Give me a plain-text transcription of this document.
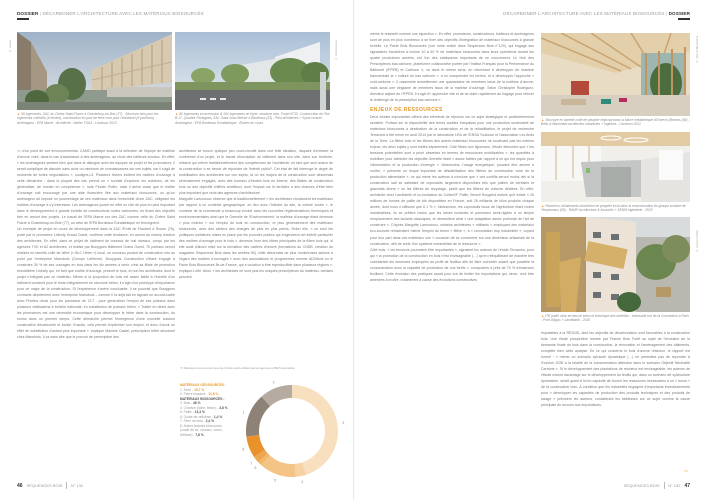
DOSSIER | DÉCARBONER L'ARCHITECTURE AVEC LES MATÉRIAUX BIOSOURCÉS
© Inoxia
▲ 56 logements, ZAC du Chêne Saint-Fiacre à Chanteloup-en-Brie (77) - Structure bois pour les logements collectifs (6 étoiles), construction en pisé de terre crue pour l'individuel (6 pavillons) - Aménageur : EPA Marne - Architecte : Atelier TOA3 - Livraison 2023
© Felixscenes
▲ 80 logements en accession & 161 logements en foyer, structure bois. Projet N°30, Construction de l'îlot B.17, Quartier Pertagnes, ZAC Saint-Jean Belcier à Bordeaux (33) - Pieu architectes + Sylva conseil - Aménageur : EPA Bordeaux Euratlantique - Études en cours

>> d'un point de vue environnemental. CAMO participe aussi à la sélection de l'équipe de maîtrise d'œuvre voire, dans le cas d'assistance à des aménageurs, au choix des bailleurs sociaux. En effet, « les aménageurs sentent bien que dans le dialogue avec les équipes de projet et les promoteurs, il serait compliqué de discuter sans avoir un minimum de connaissances sur ces sujets, car il s'agit de moments de fortes négociations », souligne-t-il. Plusieurs leviers incitent les maîtres d'ouvrage à cette démarche : dans la plupart des cas prévoit un « souhait d'explorer les solutions, de les généraliser, de monter en compétence », note Florian Rollin, mais il arrive aussi que le maître d'ouvrage soit encouragé par une aide financière liée aux matériaux biosourcés, ou qu'un aménageur ait imposé un pourcentage de ces matériaux dans l'ensemble d'une ZAC, obligeant les maîtres d'ouvrage à s'y intéresser. Les aménageurs jouent en effet un rôle de plus en plus important dans le développement à grande échelle de constructions moins carbonées, en fixant des objectifs très en amont des projets. Le travail de l'EPA Marne sur des ZAC comme celle du Chêne Saint Fiacre à Chanteloup-en-Brie (77), ou celui de l'EPA Bordeaux Euratlantique en témoignent.

Un exemple de projet en cours de développement dans la ZAC l'Eveil de Flaubert à Rouen (76), porté par le promoteur Linkcity Grand Ouest, confirme cette tendance, en amont du champ d'action des architectes. En effet, dans ce projet de bâtiment de bureaux de huit niveaux, conçu par les agences TVK et A2 architectes, et réalisé par Bouygues Bâtiment Grand Ouest, 70 poteaux seront réalisés en lamellé-collé de hêtre (« BLC Hêtre ») local, un nouveau produit de construction mis au point par l'entreprise Manubois (Groupe Lefebvre). Bouygues Construction s'étant engagé à construire 30 % de ses ouvrages en bois dans les dix années à venir, c'est sa filiale de promotion immobilière Linkcity qui, en tant que maître d'ouvrage, prescrit le bois, et non les architectes, dont le projet n'intégrait pas ce matériau. Même si la proportion de bois est assez faible à l'échelle d'un bâtiment construit pour le reste intégralement en structure béton, il s'agit d'un prototype d'importance pour ce major de la construction. Si l'expérience s'avère concluante, il se pourrait que Bouygues contracte directement avec l'entreprise Manubois – comme il l'a déjà fait en signant un accord-cadre avec Pivetea ubois pour les panneaux de CLT - pour généraliser l'emploi de ces poteaux dans plusieurs réalisations à échelle nationale, en substitution de poteaux béton. « Traiter en direct avec les promoteurs est une nécessité économique pour développer le hêtre dans la construction, du moins dans un premier temps. Cette démarche permet l'émergence d'une nouvelle solution constructive décarbonée et locale. Ensuite, cela permet d'optimiser son emploi, et donc d'avoir un effet de substitution d'autant plus important », explique Maxime Castel, prescripteur hêtre structurel chez Manubois. Il va sans dire que le pouvoir de prescription des

architectes se trouve quelque peu court-circuité dans une telle situation, risquant d'entraver la cohérence d'un projet, et le travail d'inscription du bâtiment dans son site, dans son territoire, mission qui relève traditionnellement des compétences de l'architecte, en tant que seul acteur de la construction à se devoir de répondre de l'intérêt public¹. Cet état de fait interroge le degré de mobilisation des architectes sur ces sujets, là où les majors de la construction sont désormais sérieusement engagés, avec des bureaux d'études bois en interne, des filiales de construction bois ou des objectifs chiffrés ambitieux, dont l'impact sur le territoire a des chances d'être bien plus important que celui des agences d'architecture.

Margotte Lamouroux observe que si traditionnellement « les architectes choisissent les matériaux par rapport à un contexte géographique, en lien avec l'histoire du site, la culture locale », le contexte de la commande a beaucoup évolué avec les nouvelles réglementations thermiques et environnementales ainsi que le Grenelle de l'Environnement, la maîtrise d'ouvrage étant devenue « plus motrice » sur l'emploi du bois en construction, et plus généralement des matériaux biosourcés, avec des cahiers des charges de plus en plus précis. Selon elle, « ce sont les politiques incitatives mises en place par les pouvoirs publics qui engendrent cet intérêt particulier des maîtres d'ouvrage pour le bois », devenus l'une des cibles principales de la filière bois qui, si elle avait d'abord misé sur la formation des maîtres d'œuvre (formations du CNDB, création du magazine Séquences Bois dans les années 90), initie désormais de plus nombreuses actions à l'égard des maîtres d'ouvrages « avec des associations et programmes comme ADIVbois ou le Pacte Bois Biosourcés Île-de-France, qui a vocation à être reproductible dans plusieurs régions », explique-t-elle. Ainsi, « les architectes ne sont plus les uniques prescripteurs du matériau, certains peuvent

▼ Matériaux éco-sourcés issus de circuits courts utilisés par les agences et BET répondants
MATÉRIAUX GÉOSOURCÉS :
1. Terre - 15,7 %
2. Pierre massive - 11,8 %
MATÉRIAUX BIOSOURCÉS :
3. Bois - 46 %
4. Chanvre (laine, béton) - 3,8 %
5. Paille - 13,3 %
6. Ouate de cellulose - 1,4 %
7. Fibre de bois - 2,4 %
8. Autres isolants biosourcés (ouate de riz, roseaux, coton, Métisse) - 7,8 %
3
4
5
6
7
8
1
2
46 SÉQUENCES BOIS N° 132
DÉCARBONER L'ARCHITECTURE AVEC LES MATÉRIAUX BIOSOURCÉS | DOSSIER

même le ressentir comme une injonction ». En effet, promoteurs, constructeurs, bailleurs et aménageurs sont de plus en plus nombreux à se fixer des objectifs d'intégration de matériaux biosourcés à grande échelle. Le Pacte Bois Biosourcés (voir notre article dans Séquences Bois n°129), qui engage ses signataires franciliens à inclure 10 à 40 % de matériaux biosourcés dans leurs opérations durant les quatre prochaines années, est l'un des catalyseurs importants de ce mouvement. Le Hub des Prescripteurs bas carbone, plateforme collaborative portée par l'Institut Français pour la Performance du Bâtiment (IFPEB) et Carbone 4, va dans le même sens, en cherchant à développer de manière transversale la « culture du bas carbone », à en comprendre les leviers, et à développer l'approche « coût-carbone ». Il rassemble actuellement une quarantaine de membres issus de la maîtrise d'œuvre, mais aussi une vingtaine de membres issus de la maîtrise d'ouvrage. Selon Christophe Rodriguez, directeur adjoint de l'IFPEB, il s'agit d'« apprendre vite et de se doter rapidement du bagage pour relever le challenge de la prescription bas carbone ».

ENJEUX DE RESSOURCES

Deux études importantes offrent des éléments de réponse sur ce sujet stratégique et particulièrement sensible. Portant sur la disponibilité des terres arables françaises pour une production soutenable de matériaux biosourcés à destination de la construction et de la réhabilitation, le projet de recherche Terracrea a été mené en août 2014 par le laboratoire LRA de l'ENSA Toulouse et l'association Les Amis de la Terre. La filière bois et les filières des autres matériaux biosourcés ne soulevant pas les mêmes enjeux, les deux sujets y sont traités séparément. Côté fibres non ligneuses, l'étude démontre que « les tensions potentielles sont a priori absentes en termes de ressources mobilisables », les quantités à mobiliser pour atteindre les objectifs Grenelle étant « assez faibles par rapport à ce qui est requis pour l'alimentation et la production d'énergie ». Néanmoins, l'usage énergétique, pouvant être amené à croître, « présente un risque important de déstabilisation des filières de construction voire de la production alimentaire », ce qui mène les auteurs à conclure que « ces conflits seront moins vifs si la construction sait se satisfaire de coproduits largement disponibles tels que pailles de céréales et granulats divers » ou les filières de recyclage, plutôt que les filières de cultures dédiées. En effet, architecte chez Landfabrik et co-fondateur du Collect'IF Paille, Benoît Rougelot estime qu'il existe « 26 millions de tonnes de paille de blé disponibles en France, soit 26 milliards de kilos produits chaque année, dont nous n'utilisons que 0,1 % ». Néanmoins, les coproduits issus de l'agriculture étant moins industrialisés, ils se prêtent moins que les laines isolantes et panneaux semi-rigides à un simple remplacement des isolants classiques, et nécessitent ainsi « une adaptation assez profonde de l'art de construire ». D'après Margotte Lamouroux, certains architectes « militants » employant des matériaux éco-sourcés refuseraient même l'emploi du terme « filière », à « connotation trop industrielle », voyant pour leur part dans ces matériaux une « occasion de se concentrer sur une dimension artisanale de la construction, afin de sortir d'un système extractiviste de la ressource ».

Côté bois, « les tensions pourraient être importantes », signalent les auteurs de l'étude Terracrea, pour qui « la promotion de la construction en bois n'est envisageable (…) qu'en rééquilibrant de manière très volontariste les essences employées au profit de feuillus afin de faire coïncider autant que possible la consommation avec la capacité de production de nos forêts », composées à près de 70 % d'essences feuillues. Cette évolution des pratiques aurait pour but de limiter les importations qui, sinon, vont être amenées à croître, notamment à cause des évolutions constructives

© Noë & Blanchard
▲ Structure en lamellé-collé de peuplier régional dans la future médiathèque d'Ennevo (Bezons (95) - Bello & Blanchard architectes urbanistes + Ingébois - Livraison 2022
▲ Planchers collaborants bois/béton en peuplier local dans la restructuration du groupe scolaire de Templemars (59) - RAMP Architecture & Associés + SENM Ingénierie - 2020
© Florian Rollin
▲ ITE paille mise en œuvre selon la technique des bretelles - Immeuble rue de la Convention à Paris - Pont d'Apps + Landfabrik - 2020

imputables à la RE2020, dont les objectifs de décarbonation sont favorables à la construction bois. Une étude prospective menée par France Bois Forêt au sujet de l'évolution de la demande finale du bois dans la construction, la rénovation et l'aménagement des bâtiments, complète bien cette analyse. En ce qui concerne le bois d'œuvre résineux, le rapport est formel : « même un scénario sylvicole dynamique (…) ne permettra pas de répondre à l'horizon 2035 à la totalité de la consommation attendue dans le scénario Objectif Neutralité Carbone ». Si le développement des plantations de résineux est envisageable, les auteurs de l'étude misent davantage sur le développement du feuillu qui, dans un scénario de sylviculture dynamisée, serait quant à lui en capacité de fournir les ressources nécessaires à un « boom » de la construction bois. À condition que les industriels engagent d'importants investissements pour « développer les capacités de production des produits techniques et des produits de sciage » précisent les auteurs, considérant les faiblesses sur ce sujet comme la cause principale du recours aux importations.

>>
SÉQUENCES BOIS N° 132 47
